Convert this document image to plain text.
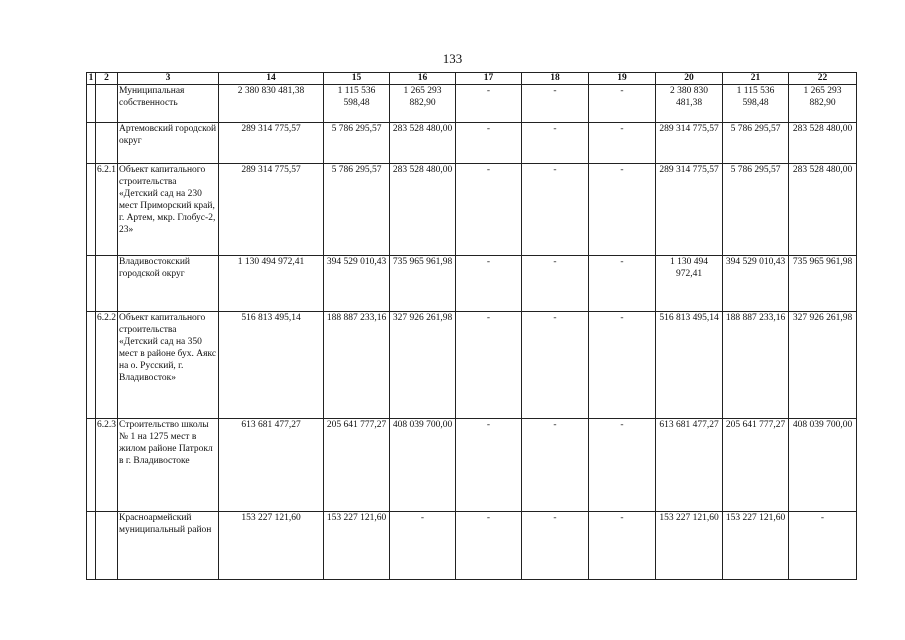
133
1	2	3	14	15	16	17	18	19	20	21	22
		Муниципальная собственность	2 380 830 481,38	1 115 536 598,48	1 265 293 882,90	-	-	-	2 380 830 481,38	1 115 536 598,48	1 265 293 882,90
		Артемовский городской округ	289 314 775,57	5 786 295,57	283 528 480,00	-	-	-	289 314 775,57	5 786 295,57	283 528 480,00
	6.2.1	Объект капитального строительства «Детский сад на 230 мест Приморский край, г. Артем, мкр. Глобус-2, 23»	289 314 775,57	5 786 295,57	283 528 480,00	-	-	-	289 314 775,57	5 786 295,57	283 528 480,00
		Владивостокский городской округ	1 130 494 972,41	394 529 010,43	735 965 961,98	-	-	-	1 130 494 972,41	394 529 010,43	735 965 961,98
	6.2.2	Объект капитального строительства «Детский сад на 350 мест в районе бух. Аякс на о. Русский, г. Владивосток»	516 813 495,14	188 887 233,16	327 926 261,98	-	-	-	516 813 495,14	188 887 233,16	327 926 261,98
	6.2.3	Строительство школы № 1 на 1275 мест в жилом районе Патрокл в г. Владивостоке	613 681 477,27	205 641 777,27	408 039 700,00	-	-	-	613 681 477,27	205 641 777,27	408 039 700,00
		Красноармейский муниципальный район	153 227 121,60	153 227 121,60	-	-	-	-	153 227 121,60	153 227 121,60	-
